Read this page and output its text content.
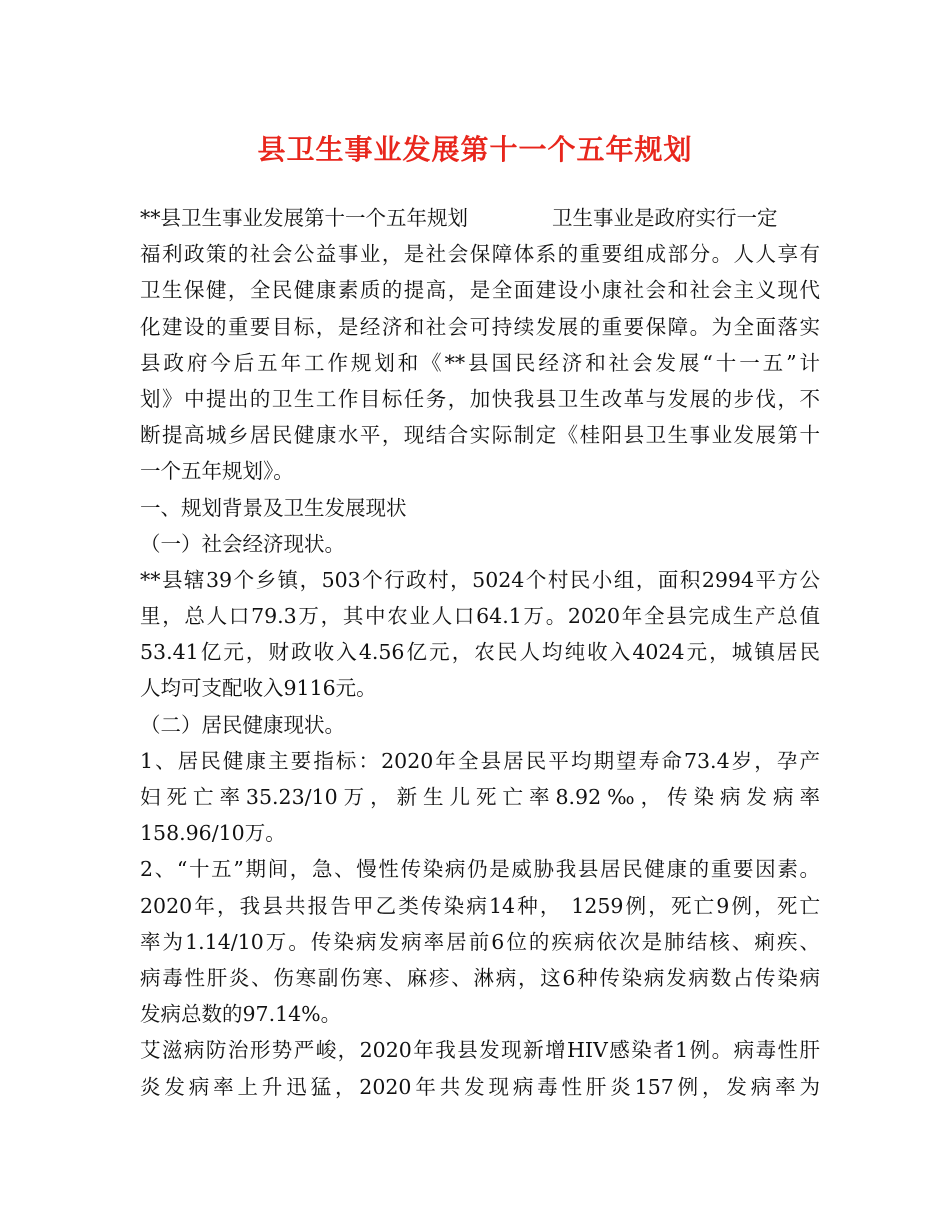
县卫生事业发展第十一个五年规划
**县卫生事业发展第十一个五年规划	卫生事业是政府实行一定
福利政策的社会公益事业，是社会保障体系的重要组成部分。人人享有
卫生保健，全民健康素质的提高，是全面建设小康社会和社会主义现代
化建设的重要目标，是经济和社会可持续发展的重要保障。为全面落实
县政府今后五年工作规划和《**县国民经济和社会发展“十一五”计
划》中提出的卫生工作目标任务，加快我县卫生改革与发展的步伐，不
断提高城乡居民健康水平，现结合实际制定《桂阳县卫生事业发展第十
一个五年规划》。
一、规划背景及卫生发展现状
（一）社会经济现状。
**县辖39个乡镇，503个行政村，5024个村民小组，面积2994平方公
里，总人口79.3万，其中农业人口64.1万。2020年全县完成生产总值
53.41亿元，财政收入4.56亿元，农民人均纯收入4024元，城镇居民
人均可支配收入9116元。
（二）居民健康现状。
1、居民健康主要指标：2020年全县居民平均期望寿命73.4岁，孕产
妇死亡率35.23/10万，新生儿死亡率8.92‰，传染病发病率
158.96/10万。
2、“十五”期间，急、慢性传染病仍是威胁我县居民健康的重要因素。
2020年，我县共报告甲乙类传染病14种， 1259例，死亡9例，死亡
率为1.14/10万。传染病发病率居前6位的疾病依次是肺结核、痢疾、
病毒性肝炎、伤寒副伤寒、麻疹、淋病，这6种传染病发病数占传染病
发病总数的97.14%。
艾滋病防治形势严峻，2020年我县发现新增HIV感染者1例。病毒性肝
炎发病率上升迅猛，2020年共发现病毒性肝炎157例，发病率为
